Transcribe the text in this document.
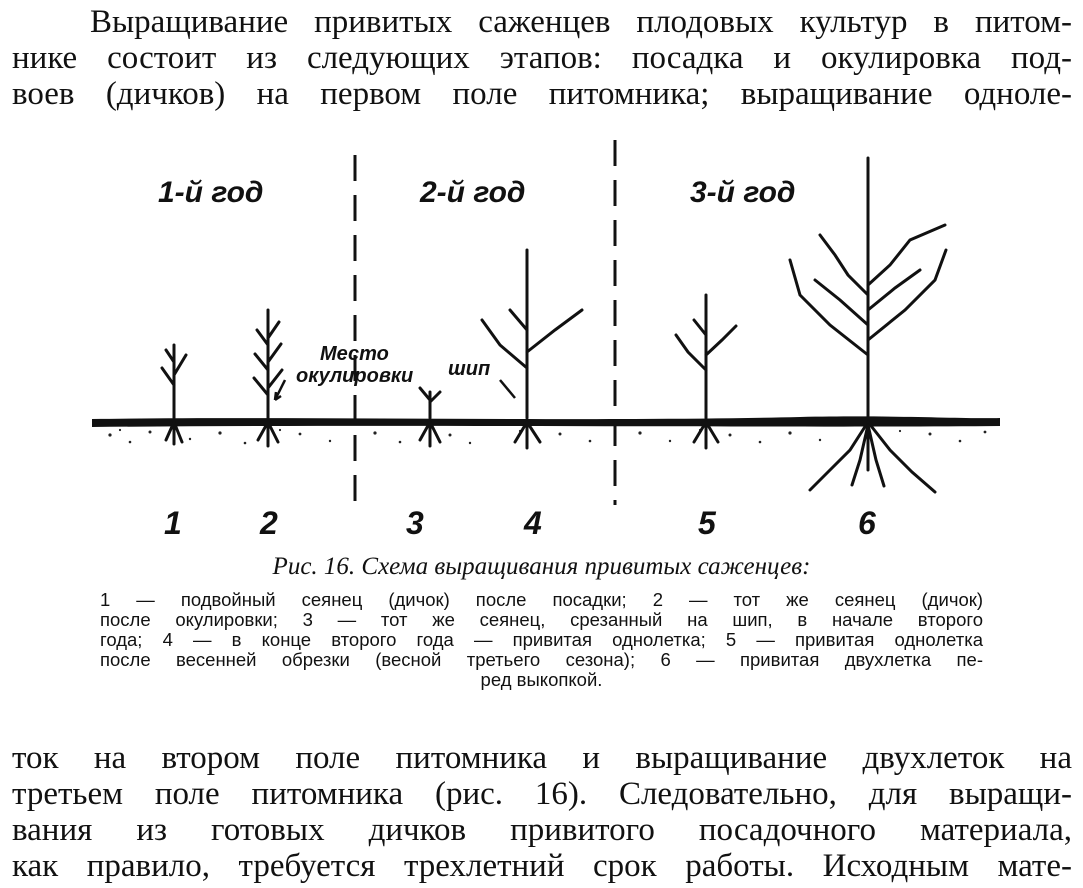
Выращивание привитых саженцев плодовых культур в питом-
нике состоит из следующих этапов: посадка и окулировка под-
воев (дичков) на первом поле питомника; выращивание одноле-
1-й год	2-й год	3-й год
Место
окулировки шип
1 2	3	4	5	6
Рис. 16. Схема выращивания привитых саженцев:
1 — подвойный сеянец (дичок) после посадки; 2 — тот же сеянец (дичок)
после окулировки; 3 — тот же сеянец, срезанный на шип, в начале второго
года; 4 — в конце второго года — привитая однолетка; 5 — привитая однолетка
после весенней обрезки (весной третьего сезона); 6 — привитая двухлетка пе-
ред выкопкой.
ток на втором поле питомника и выращивание двухлеток на
третьем поле питомника (рис. 16). Следовательно, для выращи-
вания из готовых дичков привитого посадочного материала,
как правило, требуется трехлетний срок работы. Исходным мате-
